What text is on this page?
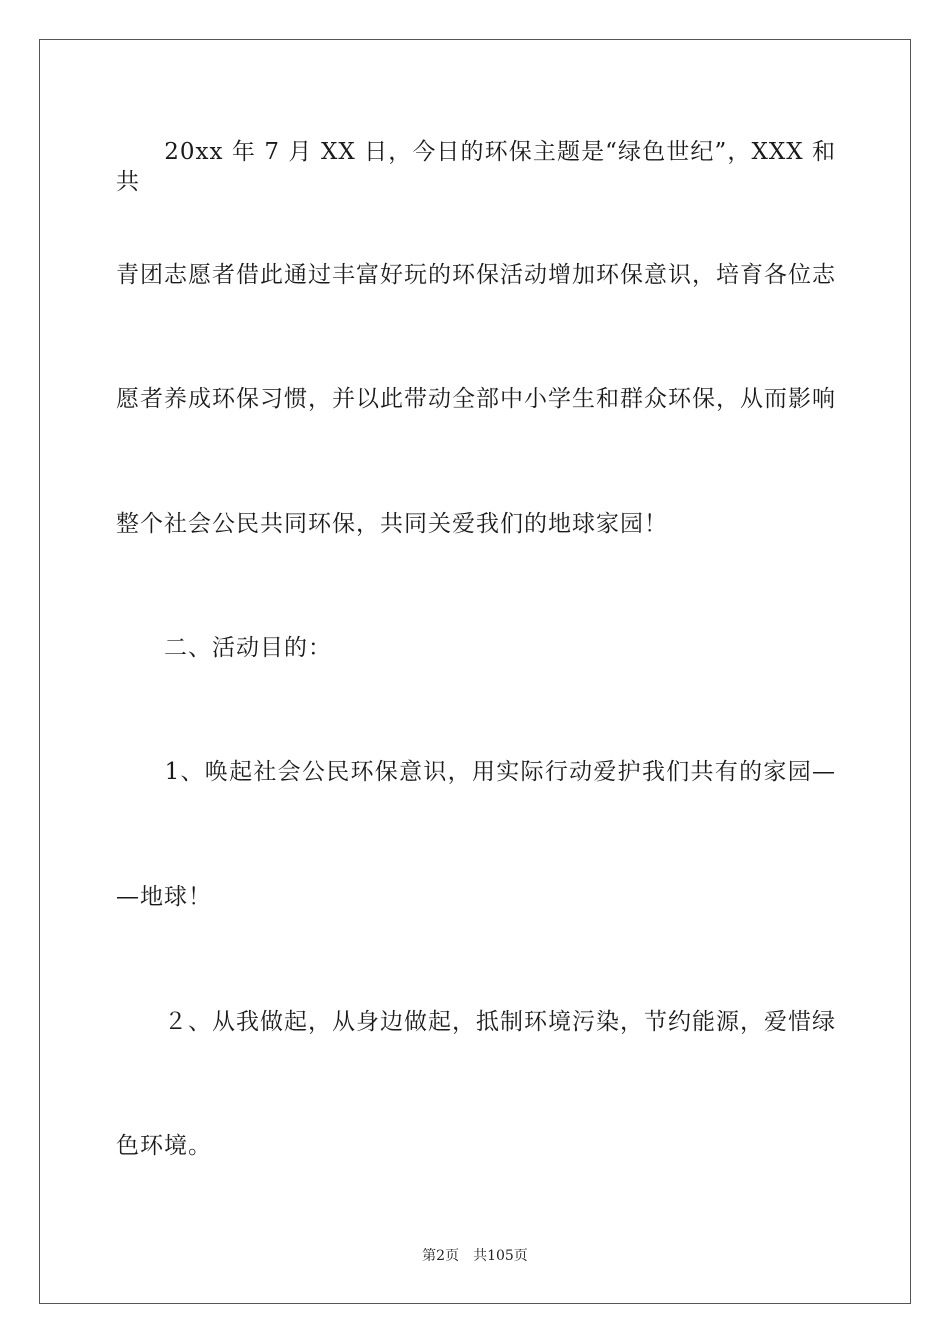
　　20xx 年 7 月 XX 日，今日的环保主题是“绿色世纪”，XXX 和共
青团志愿者借此通过丰富好玩的环保活动增加环保意识，培育各位志
愿者养成环保习惯，并以此带动全部中小学生和群众环保，从而影响
整个社会公民共同环保，共同关爱我们的地球家园！
　　二、活动目的：
　　1、唤起社会公民环保意识，用实际行动爱护我们共有的家园—
—地球！
　　２、从我做起，从身边做起，抵制环境污染，节约能源，爱惜绿
色环境。
第2页　共105页
